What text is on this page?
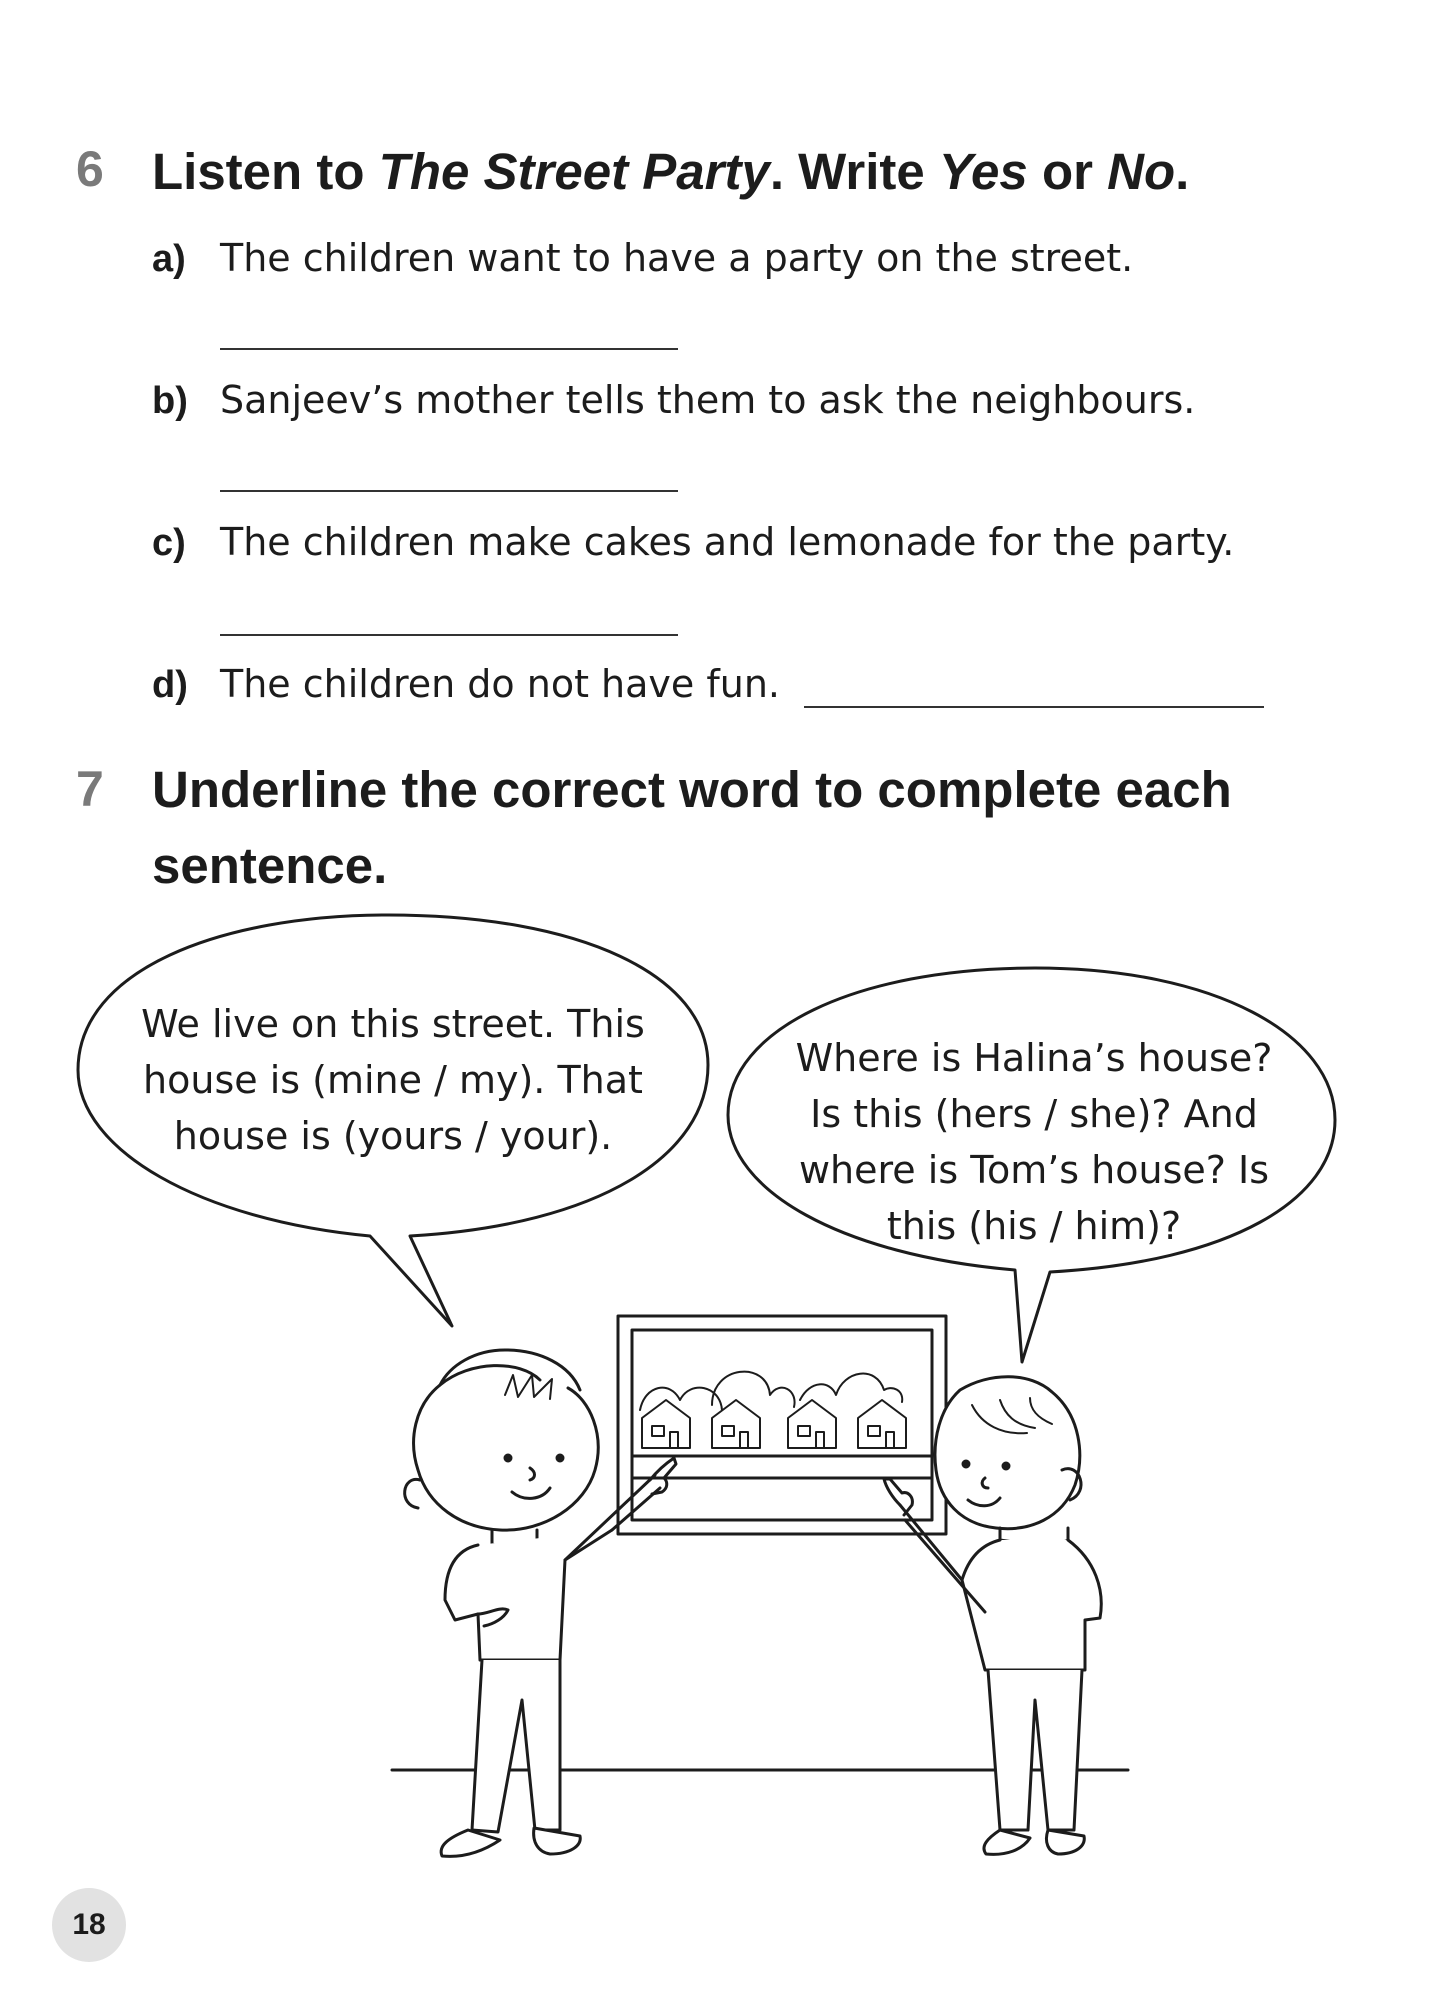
6 Listen to The Street Party. Write Yes or No.
a) The children want to have a party on the street.
b) Sanjeev’s mother tells them to ask the neighbours.
c) The children make cakes and lemonade for the party.
d) The children do not have fun.
7 Underline the correct word to complete each
sentence.
We live on this street. This
house is (mine / my). That
house is (yours / your).
Where is Halina’s house?
Is this (hers / she)? And
where is Tom’s house? Is
this (his / him)?
18
